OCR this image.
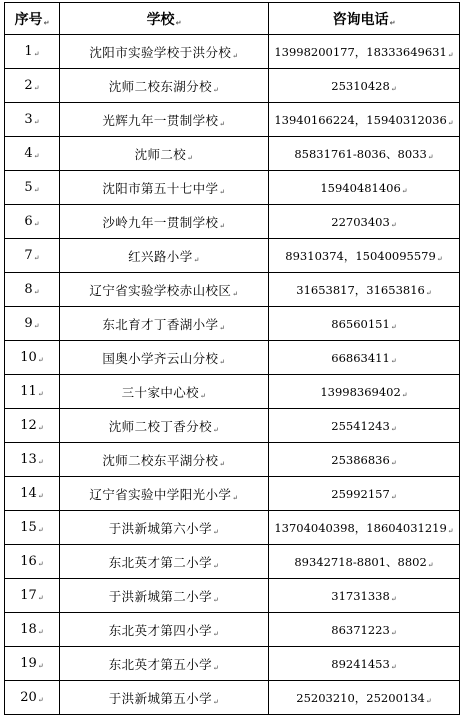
序号↵	学校↵	咨询电话↵
1↵	沈阳市实验学校于洪分校↵	13998200177，18333649631↵
2↵	沈师二校东湖分校↵	25310428↵
3↵	光辉九年一贯制学校↵	13940166224，15940312036↵
4↵	沈师二校↵	85831761-8036、8033↵
5↵	沈阳市第五十七中学↵	15940481406↵
6↵	沙岭九年一贯制学校↵	22703403↵
7↵	红兴路小学↵	89310374，15040095579↵
8↵	辽宁省实验学校赤山校区↵	31653817，31653816↵
9↵	东北育才丁香湖小学↵	86560151↵
10↵	国奥小学齐云山分校↵	66863411↵
11↵	三十家中心校↵	13998369402↵
12↵	沈师二校丁香分校↵	25541243↵
13↵	沈师二校东平湖分校↵	25386836↵
14↵	辽宁省实验中学阳光小学↵	25992157↵
15↵	于洪新城第六小学↵	13704040398，18604031219↵
16↵	东北英才第二小学↵	89342718-8801、8802↵
17↵	于洪新城第二小学↵	31731338↵
18↵	东北英才第四小学↵	86371223↵
19↵	东北英才第五小学↵	89241453↵
20↵	于洪新城第五小学↵	25203210，25200134↵
